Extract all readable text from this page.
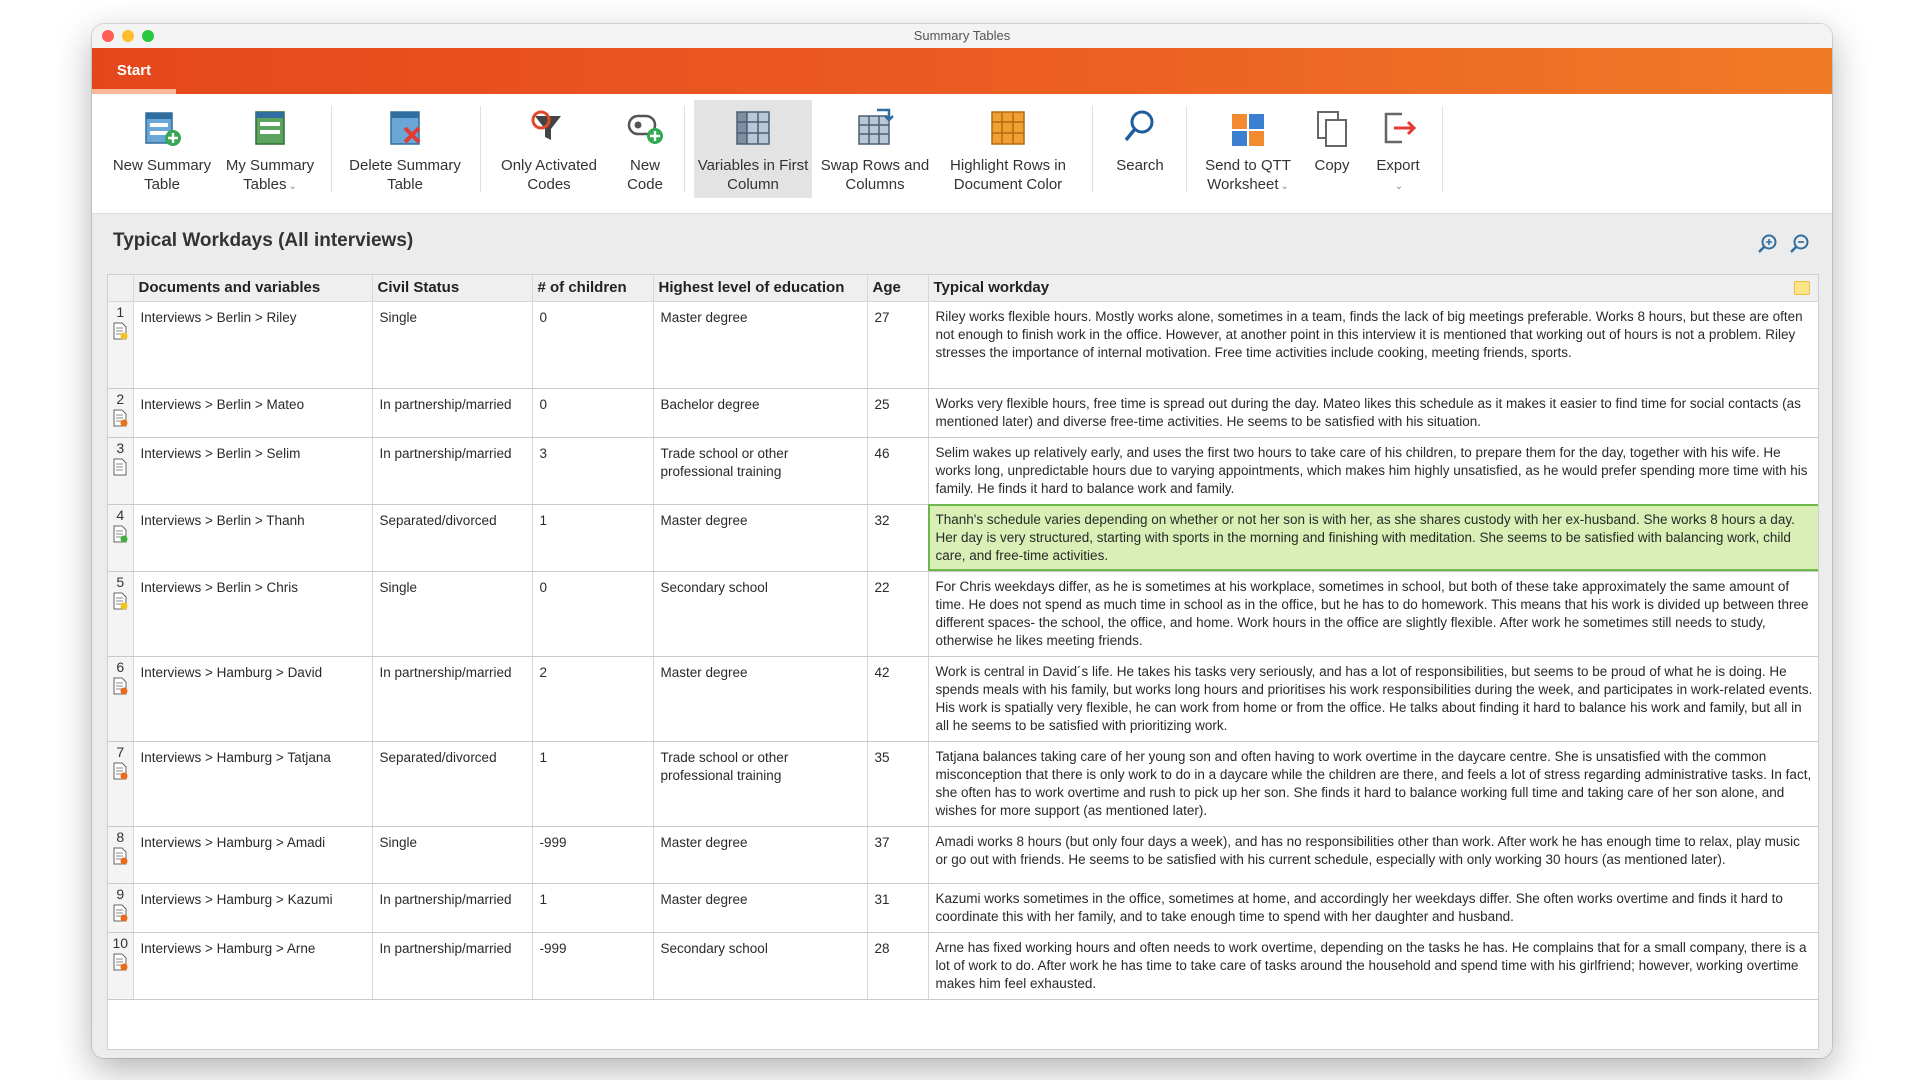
Summary Tables
Start
New Summary Table
My Summary Tables ⌄
Delete Summary Table
Only Activated Codes
New Code
Variables in First Column
Swap Rows and Columns
Highlight Rows in Document Color
Search	Send to QTT Worksheet ⌄
Copy	Export
⌄
Typical Workdays (All interviews)
	Documents and variables	Civil Status	# of children	Highest level of education	Age	Typical workday

1	Interviews > Berlin > Riley	Single	0	Master degree	27	Riley works flexible hours. Mostly works alone, sometimes in a team, finds the lack of big meetings preferable. Works 8 hours, but these are often not enough to finish work in the office. However, at another point in this interview it is mentioned that working out of hours is not a problem. Riley stresses the importance of internal motivation. Free time activities include cooking, meeting friends, sports.

2	Interviews > Berlin > Mateo	In partnership/married	0	Bachelor degree	25	Works very flexible hours, free time is spread out during the day. Mateo likes this schedule as it makes it easier to find time for social contacts (as mentioned later) and diverse free-time activities. He seems to be satisfied with his situation.

3	Interviews > Berlin > Selim	In partnership/married	3	Trade school or other professional training	46	Selim wakes up relatively early, and uses the first two hours to take care of his children, to prepare them for the day, together with his wife. He works long, unpredictable hours due to varying appointments, which makes him highly unsatisfied, as he would prefer spending more time with his family. He finds it hard to balance work and family.

4	Interviews > Berlin > Thanh	Separated/divorced	1	Master degree	32	Thanh's schedule varies depending on whether or not her son is with her, as she shares custody with her ex-husband. She works 8 hours a day. Her day is very structured, starting with sports in the morning and finishing with meditation. She seems to be satisfied with balancing work, child care, and free-time activities.

5	Interviews > Berlin > Chris	Single	0	Secondary school	22	For Chris weekdays differ, as he is sometimes at his workplace, sometimes in school, but both of these take approximately the same amount of time. He does not spend as much time in school as in the office, but he has to do homework. This means that his work is divided up between three different spaces- the school, the office, and home. Work hours in the office are slightly flexible. After work he sometimes still needs to study, otherwise he likes meeting friends.

6	Interviews > Hamburg > David	In partnership/married	2	Master degree	42	Work is central in David´s life. He takes his tasks very seriously, and has a lot of responsibilities, but seems to be proud of what he is doing. He spends meals with his family, but works long hours and prioritises his work responsibilities during the week, and participates in work-related events. His work is spatially very flexible, he can work from home or from the office. He talks about finding it hard to balance his work and family, but all in all he seems to be satisfied with prioritizing work.

7	Interviews > Hamburg > Tatjana	Separated/divorced	1	Trade school or other professional training	35	Tatjana balances taking care of her young son and often having to work overtime in the daycare centre. She is unsatisfied with the common misconception that there is only work to do in a daycare while the children are there, and feels a lot of stress regarding administrative tasks. In fact, she often has to work overtime and rush to pick up her son. She finds it hard to balance working full time and taking care of her son alone, and wishes for more support (as mentioned later).

8	Interviews > Hamburg > Amadi	Single	-999	Master degree	37	Amadi works 8 hours (but only four days a week), and has no responsibilities other than work. After work he has enough time to relax, play music or go out with friends. He seems to be satisfied with his current schedule, especially with only working 30 hours (as mentioned later).

9	Interviews > Hamburg > Kazumi	In partnership/married	1	Master degree	31	Kazumi works sometimes in the office, sometimes at home, and accordingly her weekdays differ. She often works overtime and finds it hard to coordinate this with her family, and to take enough time to spend with her daughter and husband.

10	Interviews > Hamburg > Arne	In partnership/married	-999	Secondary school	28	Arne has fixed working hours and often needs to work overtime, depending on the tasks he has. He complains that for a small company, there is a lot of work to do. After work he has time to take care of tasks around the household and spend time with his girlfriend; however, working overtime makes him feel exhausted.
